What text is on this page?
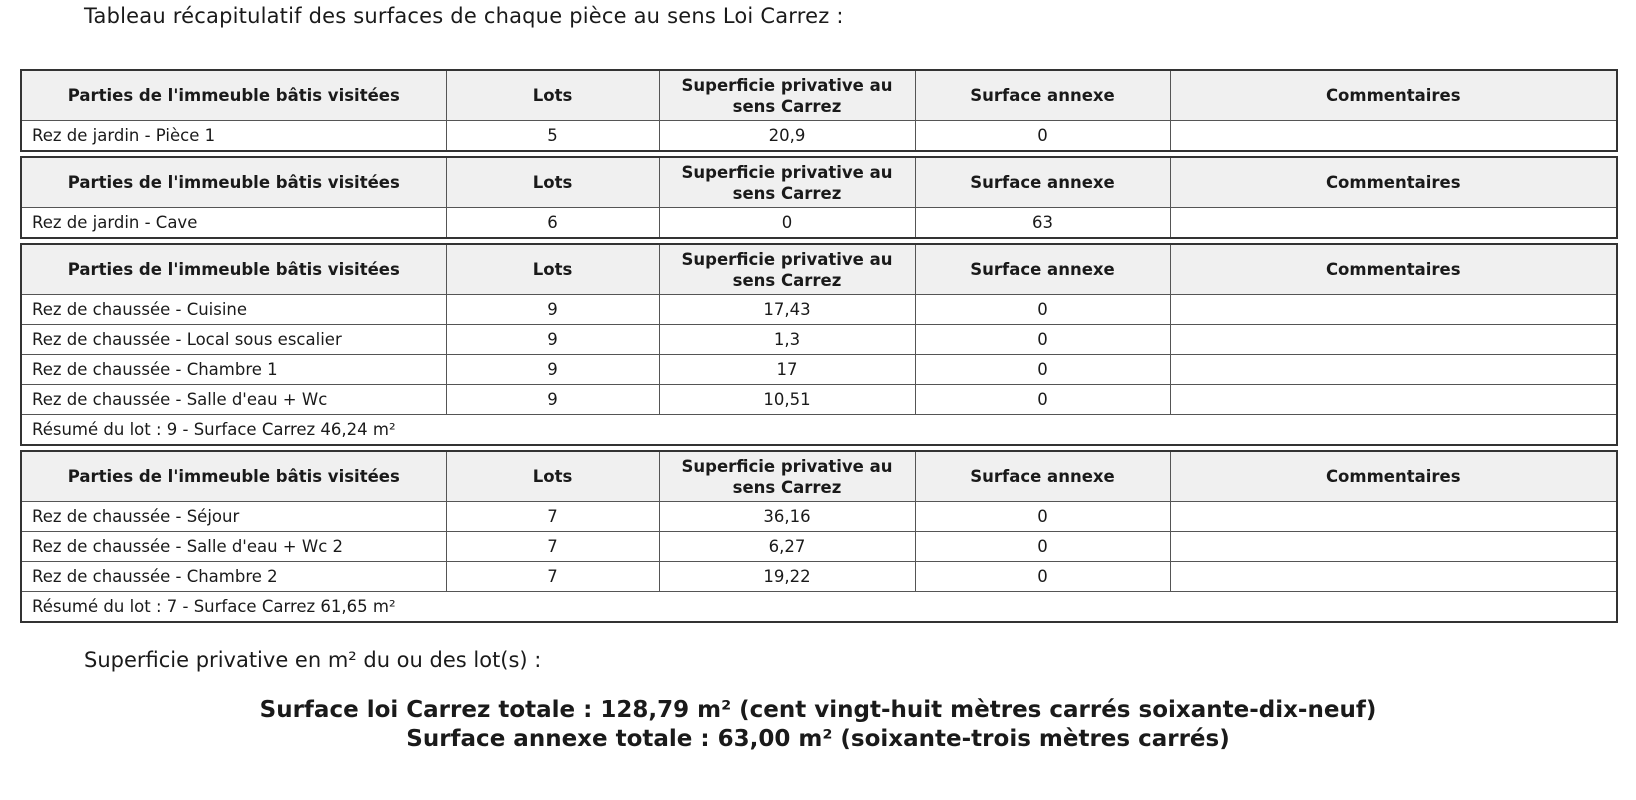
Tableau récapitulatif des surfaces de chaque pièce au sens Loi Carrez :
Parties de l'immeuble bâtis visitées	Lots	Superficie privative au sens Carrez	Surface annexe	Commentaires
Rez de jardin - Pièce 1	5	20,9	0	
Parties de l'immeuble bâtis visitées	Lots	Superficie privative au sens Carrez	Surface annexe	Commentaires
Rez de jardin - Cave	6	0	63	
Parties de l'immeuble bâtis visitées	Lots	Superficie privative au sens Carrez	Surface annexe	Commentaires
Rez de chaussée - Cuisine	9	17,43	0	
Rez de chaussée - Local sous escalier	9	1,3	0	
Rez de chaussée - Chambre 1	9	17	0	
Rez de chaussée - Salle d'eau + Wc	9	10,51	0	
Résumé du lot : 9 - Surface Carrez 46,24 m²				
Parties de l'immeuble bâtis visitées	Lots	Superficie privative au sens Carrez	Surface annexe	Commentaires
Rez de chaussée - Séjour	7	36,16	0	
Rez de chaussée - Salle d'eau + Wc 2	7	6,27	0	
Rez de chaussée - Chambre 2	7	19,22	0	
Résumé du lot : 7 - Surface Carrez 61,65 m²				
Superficie privative en m² du ou des lot(s) :
Surface loi Carrez totale : 128,79 m² (cent vingt-huit mètres carrés soixante-dix-neuf)
Surface annexe totale : 63,00 m² (soixante-trois mètres carrés)
